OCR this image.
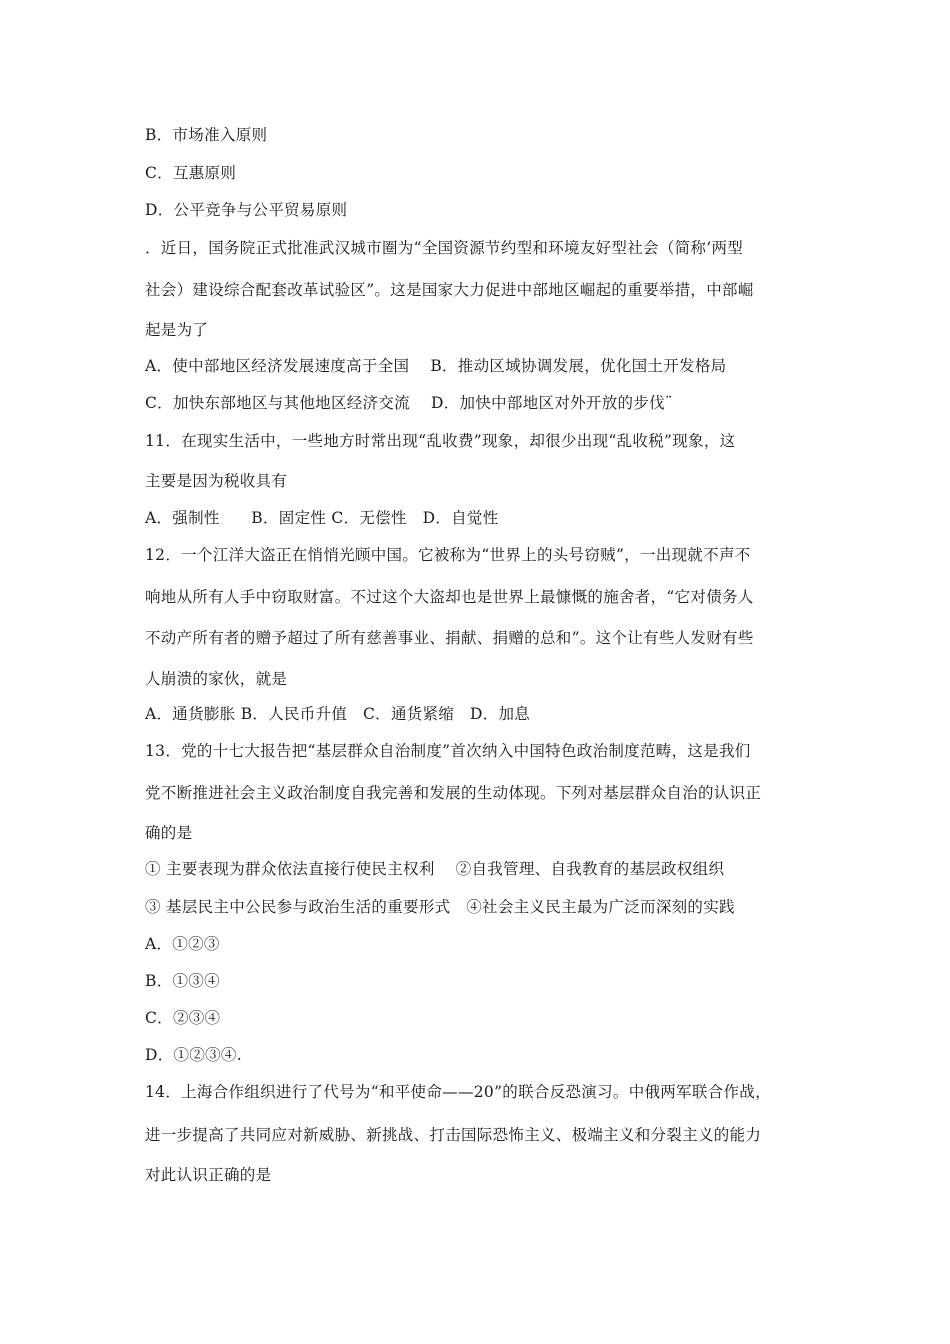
B．市场准入原则
C．互惠原则
D．公平竞争与公平贸易原则
．近日，国务院正式批准武汉城市圈为“全国资源节约型和环境友好型社会（简称‘两型
社会）建设综合配套改革试验区”。这是国家大力促进中部地区崛起的重要举措，中部崛
起是为了
A．使中部地区经济发展速度高于全国　 B．推动区域协调发展，优化国土开发格局
C．加快东部地区与其他地区经济交流　 D．加快中部地区对外开放的步伐¨
11．在现实生活中，一些地方时常出现“乱收费”现象，却很少出现“乱收税”现象，这
主要是因为税收具有
A．强制性　　B．固定性 C．无偿性　D．自觉性
12．一个江洋大盗正在悄悄光顾中国。它被称为“世界上的头号窃贼”，一出现就不声不
响地从所有人手中窃取财富。不过这个大盗却也是世界上最慷慨的施舍者，“它对债务人
不动产所有者的赠予超过了所有慈善事业、捐献、捐赠的总和”。这个让有些人发财有些
人崩溃的家伙，就是
A．通货膨胀 B．人民币升值　C．通货紧缩　D．加息
13．党的十七大报告把“基层群众自治制度”首次纳入中国特色政治制度范畴，这是我们
党不断推进社会主义政治制度自我完善和发展的生动体现。下列对基层群众自治的认识正
确的是
① 主要表现为群众依法直接行使民主权利　 ②自我管理、自我教育的基层政权组织
③ 基层民主中公民参与政治生活的重要形式　④社会主义民主最为广泛而深刻的实践
A．①②③
B．①③④
C．②③④
D．①②③④.
14．上海合作组织进行了代号为“和平使命——20”的联合反恐演习。中俄两军联合作战，
进一步提高了共同应对新威胁、新挑战、打击国际恐怖主义、极端主义和分裂主义的能力
对此认识正确的是
